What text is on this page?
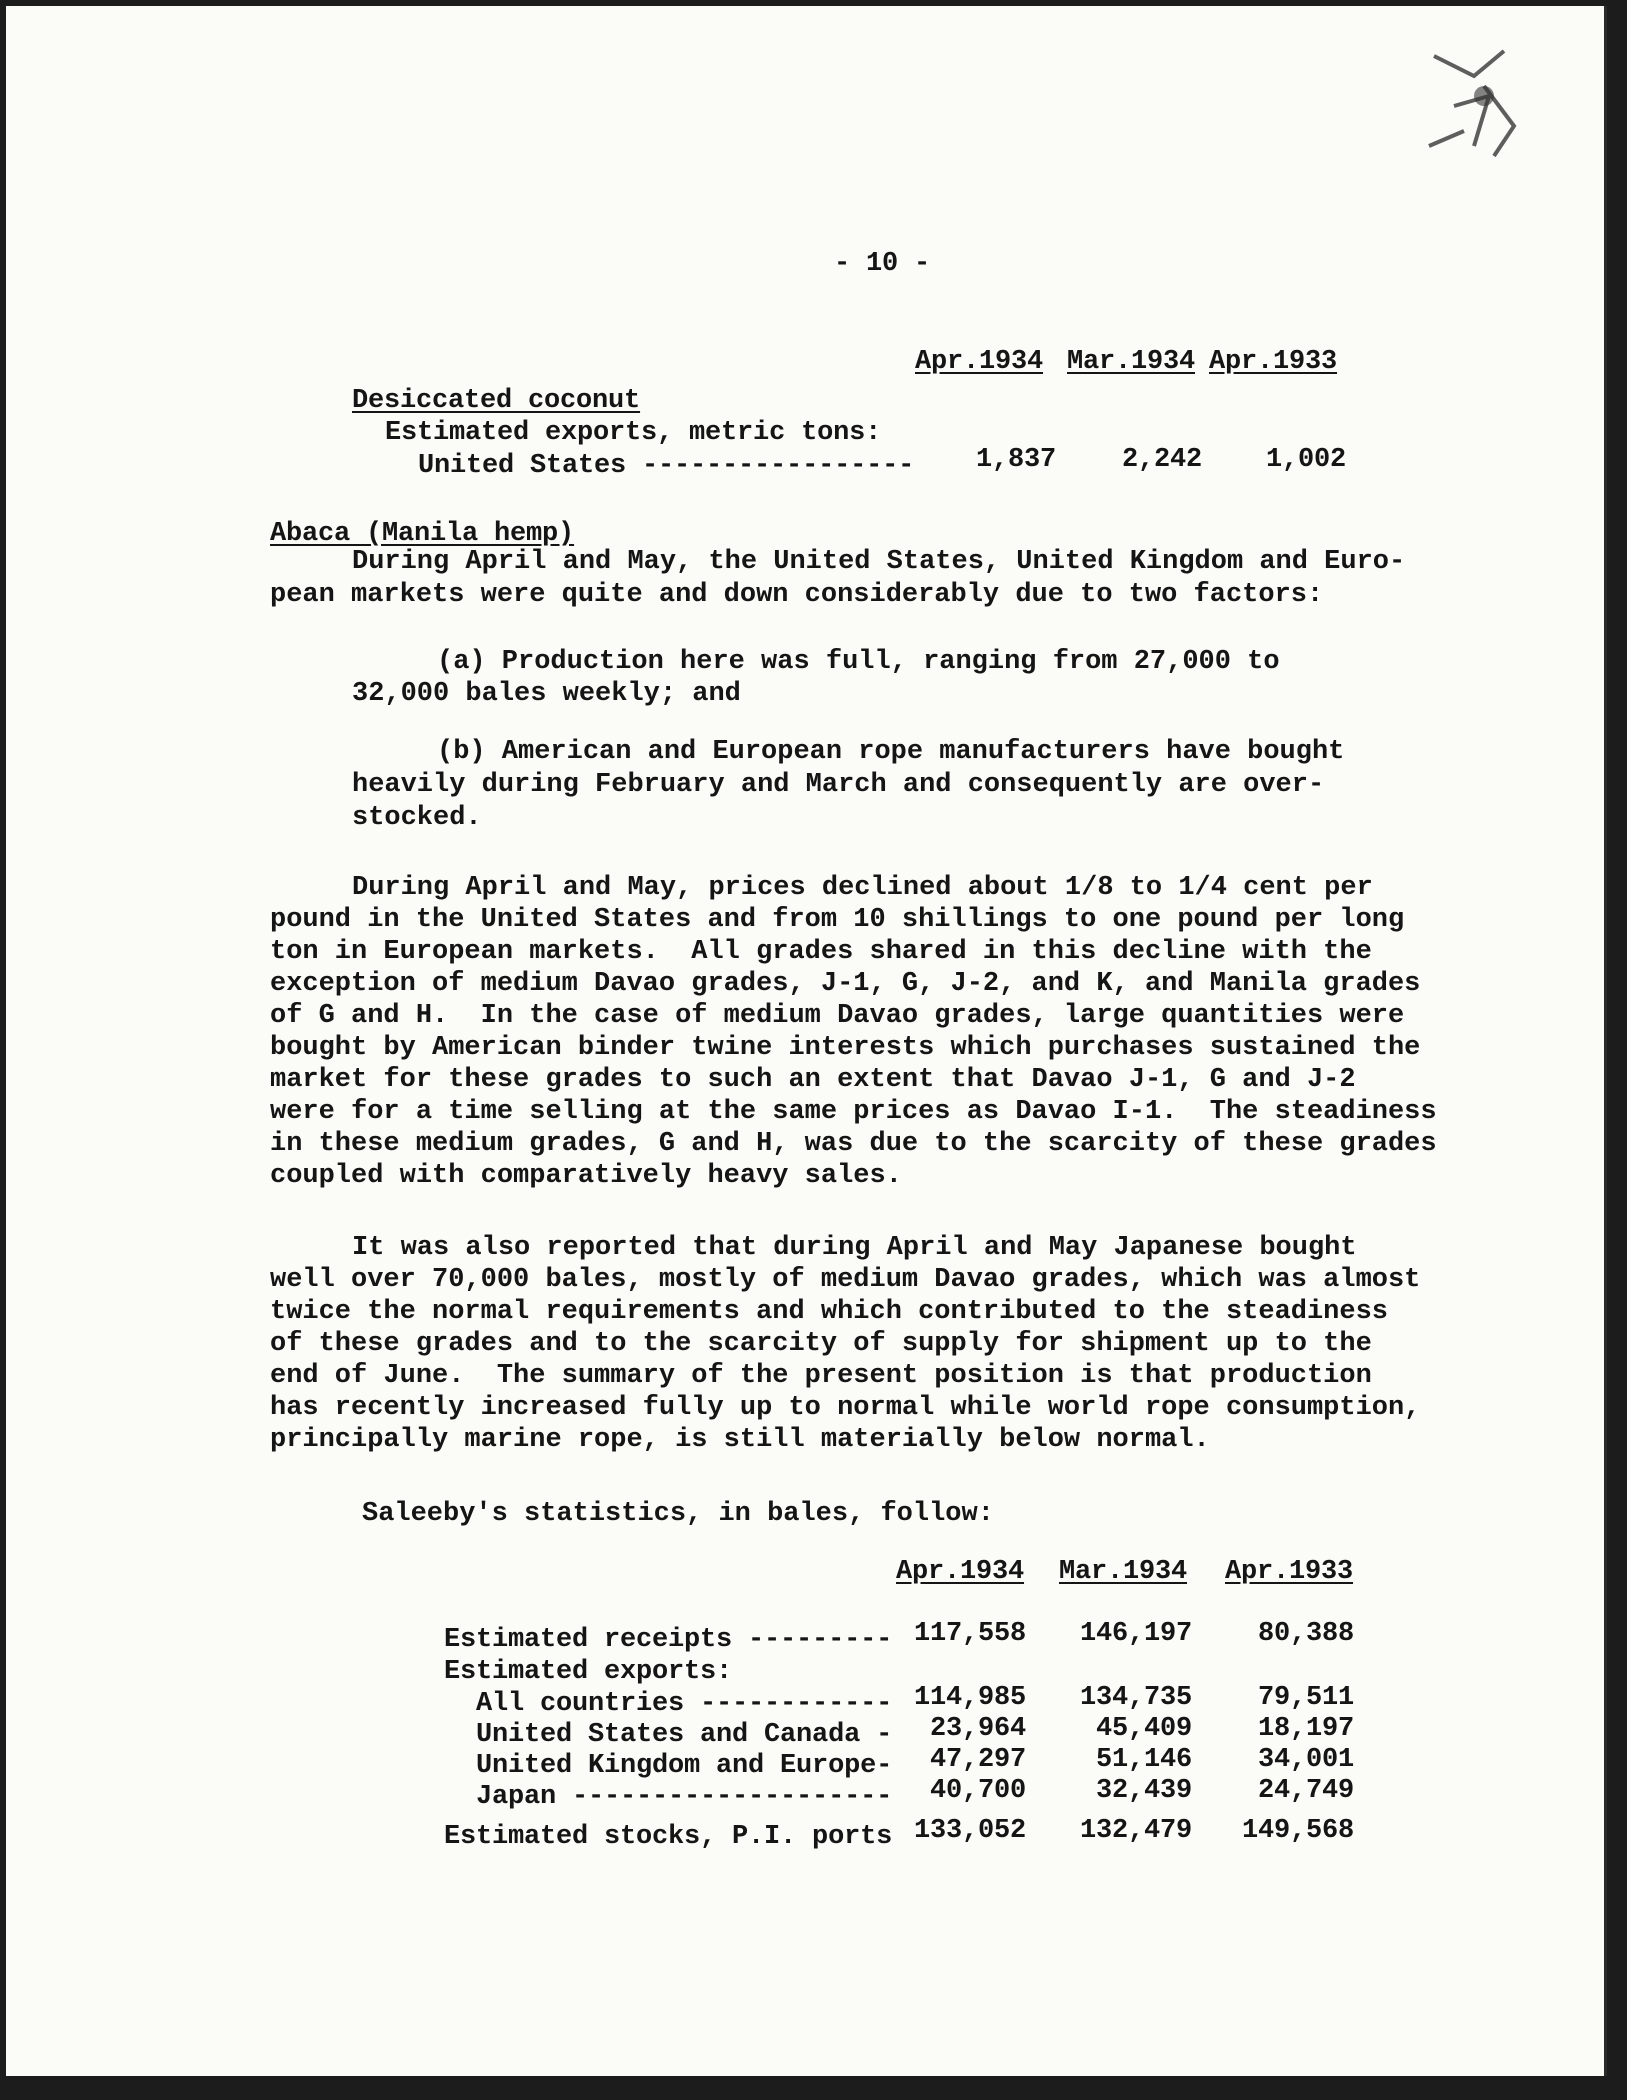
- 10 -
Apr.1934 Mar.1934 Apr.1933
Desiccated coconut
Estimated exports, metric tons:
United States -----------------	1,837	2,242	1,002
Abaca (Manila hemp)
During April and May, the United States, United Kingdom and Euro-
pean markets were quite and down considerably due to two factors:
(a) Production here was full, ranging from 27,000 to
32,000 bales weekly; and
(b) American and European rope manufacturers have bought
heavily during February and March and consequently are over-
stocked.
During April and May, prices declined about 1/8 to 1/4 cent per
pound in the United States and from 10 shillings to one pound per long
ton in European markets.  All grades shared in this decline with the
exception of medium Davao grades, J-1, G, J-2, and K, and Manila grades
of G and H.  In the case of medium Davao grades, large quantities were
bought by American binder twine interests which purchases sustained the
market for these grades to such an extent that Davao J-1, G and J-2
were for a time selling at the same prices as Davao I-1.  The steadiness
in these medium grades, G and H, was due to the scarcity of these grades
coupled with comparatively heavy sales.
It was also reported that during April and May Japanese bought
well over 70,000 bales, mostly of medium Davao grades, which was almost
twice the normal requirements and which contributed to the steadiness
of these grades and to the scarcity of supply for shipment up to the
end of June.  The summary of the present position is that production
has recently increased fully up to normal while world rope consumption,
principally marine rope, is still materially below normal.
Saleeby's statistics, in bales, follow:
Apr.1934 Mar.1934 Apr.1933
Estimated receipts --------- 117,558	146,197	80,388
Estimated exports:
All countries ------------ 114,985	134,735	79,511
United States and Canada -	23,964	45,409	18,197
United Kingdom and Europe-	47,297	51,146	34,001
Japan --------------------	40,700	32,439	24,749
Estimated stocks, P.I. ports 133,052	132,479	149,568
